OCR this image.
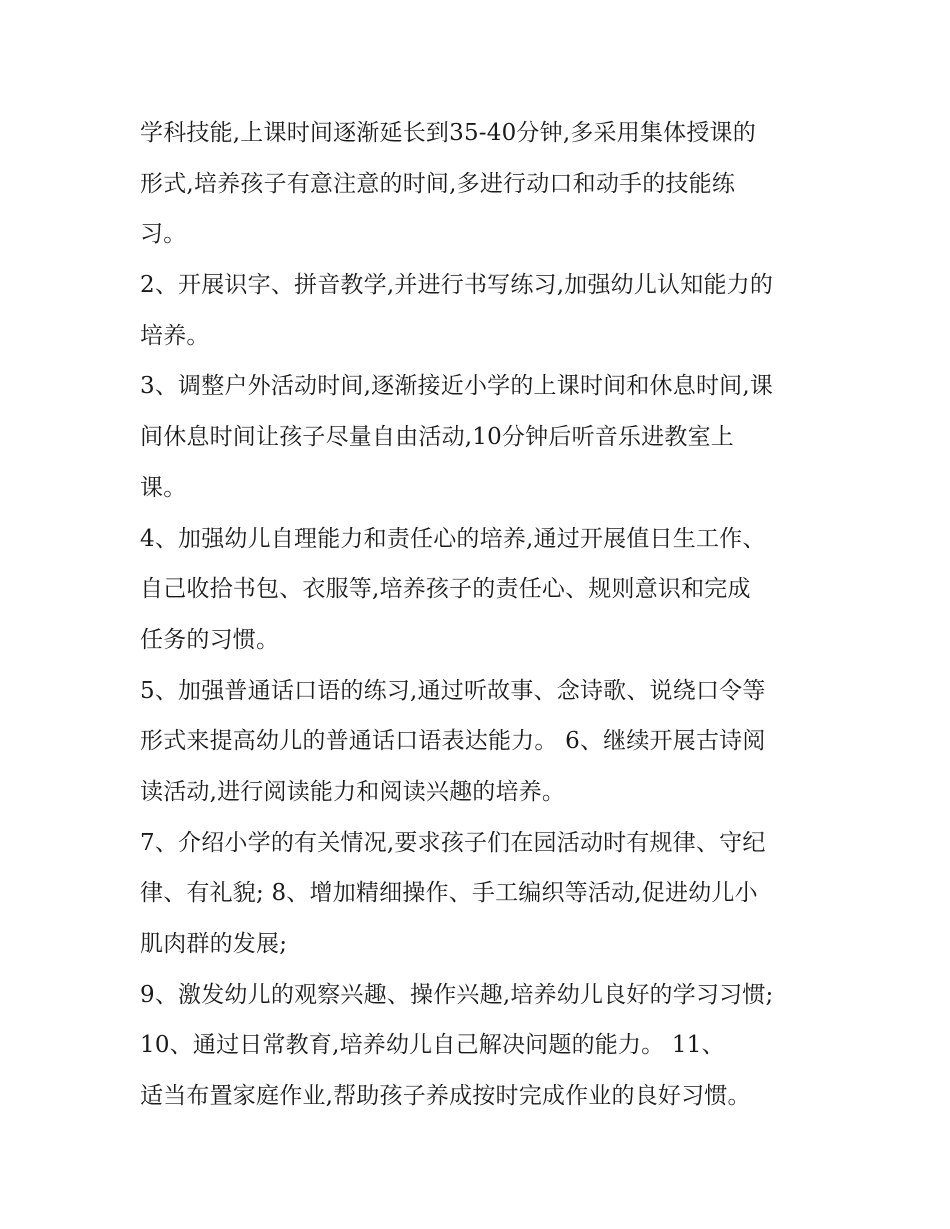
学科技能,上课时间逐渐延长到35-40分钟,多采用集体授课的
形式,培养孩子有意注意的时间,多进行动口和动手的技能练
习。
2、开展识字、拼音教学,并进行书写练习,加强幼儿认知能力的
培养。
3、调整户外活动时间,逐渐接近小学的上课时间和休息时间,课
间休息时间让孩子尽量自由活动,10分钟后听音乐进教室上
课。
4、加强幼儿自理能力和责任心的培养,通过开展值日生工作、
自己收拾书包、衣服等,培养孩子的责任心、规则意识和完成
任务的习惯。
5、加强普通话口语的练习,通过听故事、念诗歌、说绕口令等
形式来提高幼儿的普通话口语表达能力。 6、继续开展古诗阅
读活动,进行阅读能力和阅读兴趣的培养。
7、介绍小学的有关情况,要求孩子们在园活动时有规律、守纪
律、有礼貌; 8、增加精细操作、手工编织等活动,促进幼儿小
肌肉群的发展;
9、激发幼儿的观察兴趣、操作兴趣,培养幼儿良好的学习习惯;
10、通过日常教育,培养幼儿自己解决问题的能力。 11、
适当布置家庭作业,帮助孩子养成按时完成作业的良好习惯。
